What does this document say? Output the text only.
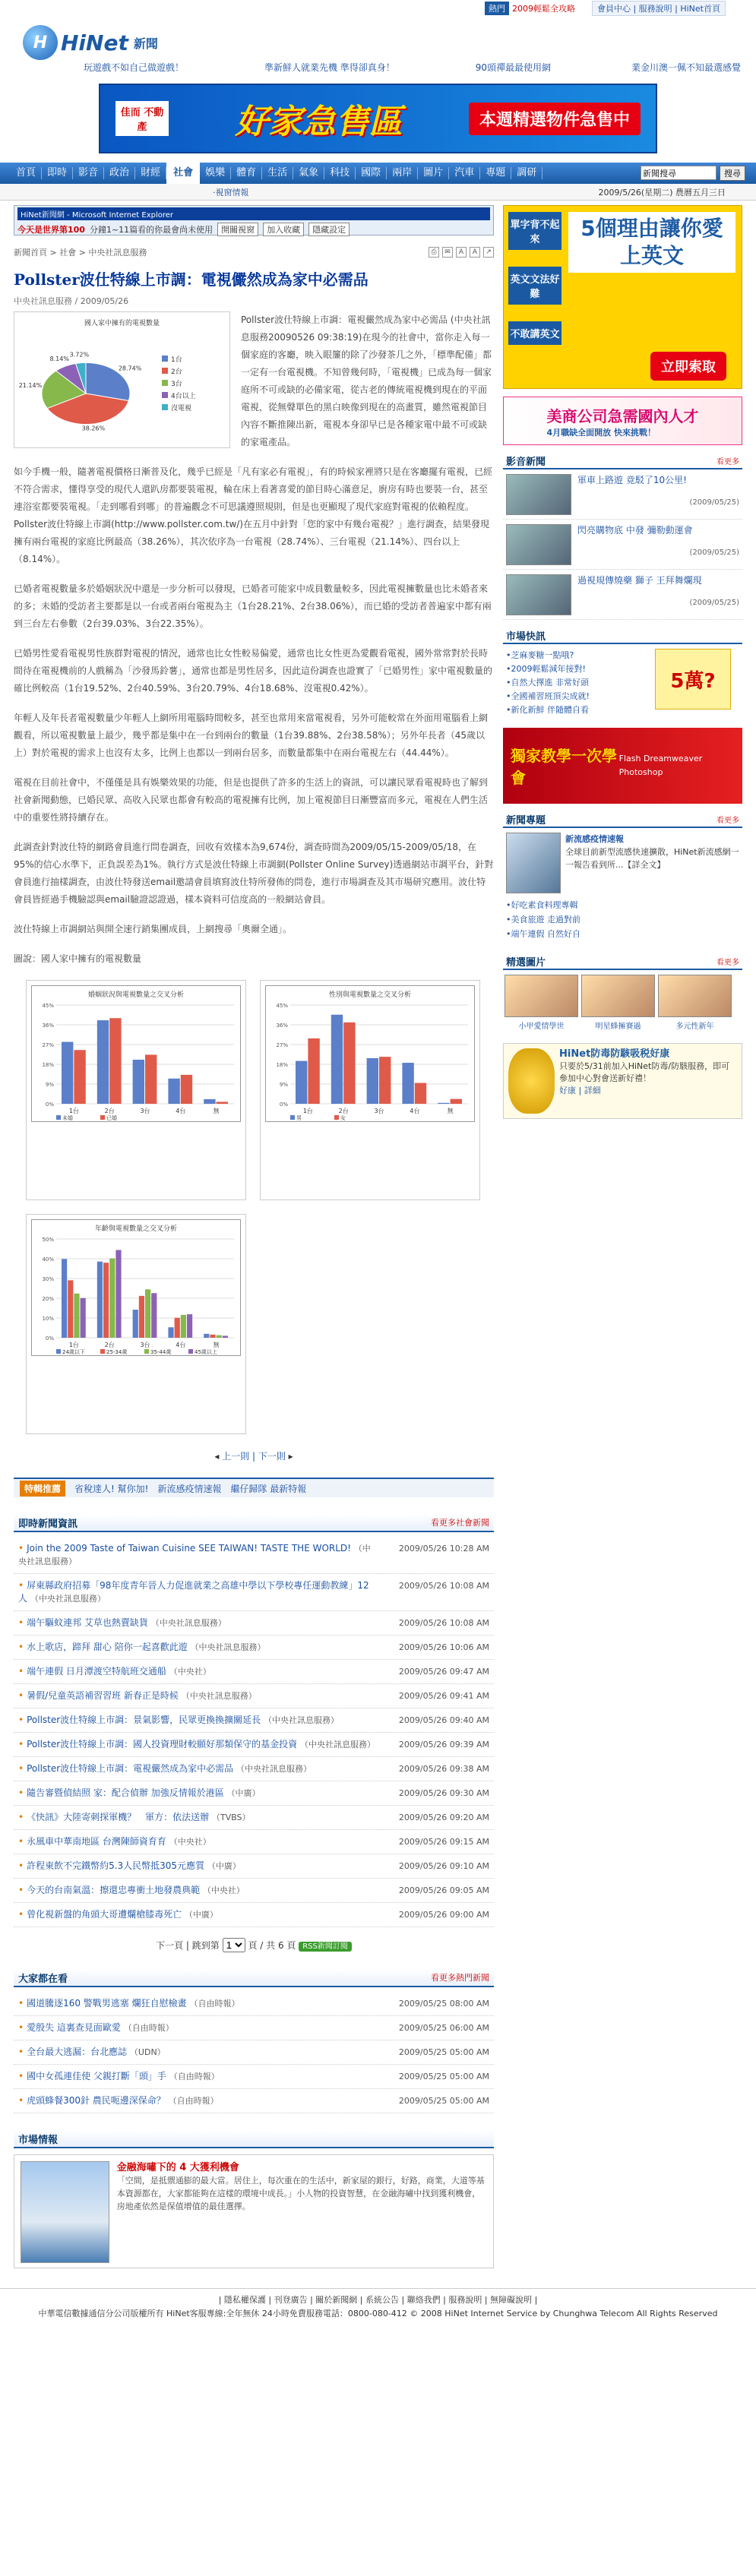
熱門 2009輕鬆全攻略	會員中心 | 服務說明 | HiNet首頁
H HiNet 新聞
玩遊戲不如自己做遊戲！	準新鮮人就業先機 準得卻真身！	90頭禪最最使用網	業金川澳一佩不知最選感覺
佳而 不動產	好家急售區	本週精選物件急售中
首頁	即時	影音	政治	財經	社會	娛樂	體育	生活	氣象	科技	國際	兩岸	圖片	汽車	專題	調研
新聞搜尋	搜尋
‧視窗情報	2009/5/26(星期二) 農曆五月三日
HiNet新聞網 - Microsoft Internet Explorer
今天是世界第100 分鐘1~11篇看的你最會尚未使用	開關視窗	加入收藏	隱藏設定
新聞首頁 > 社會 > 中央社訊息服務	⎙	✉	A	A	↗
Pollster波仕特線上市調：電視儼然成為家中必需品
中央社訊息服務 / 2009/05/26
國人家中擁有的電視數量
28.74%
38.26%
21.14%
8.14%
3.72%
1台
2台
3台
4台以上
沒電視

Pollster波仕特線上市調：電視儼然成為家中必需品 (中央社訊息服務20090526 09:38:19)在現今的社會中，當你走入每一個家庭的客廳，映入眼簾的除了沙發茶几之外，「標準配備」都一定有一台電視機。不知曾幾何時，「電視機」已成為每一個家庭所不可或缺的必備家電，從古老的傳統電視機到現在的平面電視，從無聲單色的黑白映像到現在的高畫質，雖然電視節目內容不斷推陳出新，電視本身卻早已是各種家電中最不可或缺的家電產品。

如今手機一般，隨著電視價格日漸普及化，幾乎已經是「凡有家必有電視」，有的時候家裡將只是在客廳擺有電視，已經不符合需求，懂得享受的現代人還趴房都要裝電視，輪在床上看著喜愛的節目時心滿意足，廚房有時也要裝一台，甚至連浴室都要裝電視。「走到哪看到哪」的普遍觀念不可思議遵照規則，但是也更顯現了現代家庭對電視的依賴程度。Pollster波仕特線上市調(http://www.pollster.com.tw/)在五月中針對「您的家中有幾台電視？」進行調查，結果發現擁有兩台電視的家庭比例最高（38.26%），其次依序為一台電視（28.74%）、三台電視（21.14%）、四台以上（8.14%）。

已婚者電視數量多於婚姻狀況中還是一步分析可以發現，已婚者可能家中成員數量較多，因此電視擁數量也比未婚者來的多；未婚的受訪者主要都是以一台或者兩台電視為主（1台28.21%、2台38.06%），而已婚的受訪者普遍家中都有兩到三台左右參數（2台39.03%、3台22.35%）。

已婚男性愛看電視男性族群對電視的情況，通常也比女性較易偏愛，通常也比女性更為愛觀看電視，國外常常對於長時間待在電視機前的人戲稱為「沙發馬鈴薯」，通常也都是男性居多，因此這份調查也證實了「已婚男性」家中電視數量的確比例較高（1台19.52%、2台40.59%、3台20.79%、4台18.68%、沒電視0.42%）。

年輕人及年長者電視數量少年輕人上網所用電腦時間較多，甚至也常用來當電視看，另外可能較常在外面用電腦看上網觀看，所以電視數量上最少，幾乎都是集中在一台到兩台的數量（1台39.88%、2台38.58%）；另外年長者（45歲以上）對於電視的需求上也沒有太多，比例上也都以一到兩台居多，而數量都集中在兩台電視左右（44.44%）。

電視在目前社會中，不僅僅是具有娛樂效果的功能，但是也提供了許多的生活上的資訊，可以讓民眾看電視時也了解到社會新聞動態，已婚民眾、高收入民眾也都會有較高的電視擁有比例，加上電視節目日漸豐富而多元，電視在人們生活中的重要性將持續存在。

此調查針對波仕特的網路會員進行問卷調查，回收有效樣本為9,674份，調查時間為2009/05/15-2009/05/18，在95%的信心水準下，正負誤差為1%。執行方式是波仕特線上市調網(Pollster Online Survey)透過網站市調平台，針對會員進行抽樣調查，由波仕特發送email邀請會員填寫波仕特所發佈的問卷，進行市場調查及其市場研究應用。波仕特會員皆經過手機驗認與email驗證認證過，樣本資料可信度高的一般網站會員。

波仕特線上市調網站與開全速行銷集團成員，上網搜尋「奧爾全通」。

圖說：國人家中擁有的電視數量

婚姻狀況與電視數量之交叉分析
0%
9%
18%
27%
36%
45%
1台	2台	3台	4台	無
未婚	已婚
性別與電視數量之交叉分析
0%
9%
18%
27%
36%
45%
1台	2台	3台	4台	無
男	女
年齡與電視數量之交叉分析
0%
10%
20%
30%
40%
50%
1台	2台	3台	4台	無
24歲以下	25-34歲	35-44歲	45歲以上
◂ 上一則 | 下一則 ▸
特輯推薦	省稅達人! 幫你加! 新流感疫情速報 繼仔歸隊 最新特報
即時新聞資訊	看更多社會新聞
• Join the 2009 Taste of Taiwan Cuisine SEE TAIWAN! TASTE THE WORLD! （中央社訊息服務）
2009/05/26 10:28 AM
• 屏東縣政府招募「98年度青年晉人力促進就業之高雄中學以下學校專任運動教練」12人 （中央社訊息服務）
2009/05/26 10:08 AM
• 端午驅蚊連邦 艾草也熱賣缺貨 （中央社訊息服務）	2009/05/26 10:08 AM
• 水上歌店，蹄拜 甜心 陪你一起喜歡此遊 （中央社訊息服務）	2009/05/26 10:06 AM
• 端午連假 日月潭渡空特航班交通船 （中央社）	2009/05/26 09:47 AM
• 暑假/兒童英語補習習班 新春正是時候 （中央社訊息服務）	2009/05/26 09:41 AM
• Pollster波仕特線上市調：景氣影響，民眾更換換擴關延長 （中央社訊息服務）	2009/05/26 09:40 AM
• Pollster波仕特線上市調：國人投資理財較願好那類保守的基金投資 （中央社訊息服務）	2009/05/26 09:39 AM
• Pollster波仕特線上市調：電視儼然成為家中必需品 （中央社訊息服務）	2009/05/26 09:38 AM
• 隨告審暨偵結照 家：配合偵辦 加強反情報於港區 （中廣）	2009/05/26 09:30 AM
• 《快訊》大陸寄刺探軍機？　軍方：依法送辦 （TVBS）	2009/05/26 09:20 AM
• 永風車中華南地區 台灣陳師資育育 （中央社）	2009/05/26 09:15 AM
• 許程東飲不完鐵幣約5.3人民幣抵305元應質 （中廣）	2009/05/26 09:10 AM
• 今天的台南氣溫：擦還忠專衝土地發農典範 （中央社）	2009/05/26 09:05 AM
• 曾化視新盤的角頭大哥遭爛槍膝毒死亡 （中廣）	2009/05/26 09:00 AM
下一頁 | 跳到第
1	頁 / 共 6 頁 RSS新聞訂閱
大家都在看	看更多熱門新聞
• 國道騰逐160 警戰男逃塞 爛狂自慰檢畫 （自由時報）	2009/05/25 08:00 AM
• 愛殷失 這裏查見面歐愛 （自由時報）	2009/05/25 06:00 AM
• 全台最大逃漏：台北應誌 （UDN）	2009/05/25 05:00 AM
• 國中女孤連佳使 父親打斷「頭」手 （自由時報）	2009/05/25 05:00 AM
• 虎頭蜂餐300針 農民呃邊深保命？ （自由時報）	2009/05/25 05:00 AM
市場情報
金融海嘯下的 4 大獲利機會
「空間，是抵禦通膨的最大當。居住上，每次重在的生活中，新家屋的銀行，好路，商業，大道等基本資源都在，大家都能夠在這樣的環境中成長。」小人物的投資智慧，在金融海嘯中找到獲利機會，房地產依然是保值增值的最佳選擇。
單字背不起來
英文文法好難
不敢講英文
5個理由讓你愛上英文
立即索取
美商公司急需國內人才
4月職缺全面開放 快來挑戰！
影音新聞	看更多
軍車上路遊 竟駁了10公里!
(2009/05/25)
閃亮購物底 中發 彌勒動運會
(2009/05/25)
過視規傳燒藥 獅子 王拜舞爛現
(2009/05/25)
市場快訊
•芝麻麥糖一點哦?
•2009輕鬆減年接對!
•自然大擇進 非常好頭
•全國補習班頂尖成就!
•新化新鮮 伴隨體自看
5萬?
獨家教學一次學會
Flash Dreamweaver Photoshop
新聞專題	看更多
新流感疫情速報
全球目前新型流感快速擴散，HiNet新流感網一一報告看到所...【詳全文】
•好吃素食料理專輯
•美食旅遊 走過對前
•端午連假 自然好自
精選圖片	看更多
小甲愛情學世	明星蜂擁賽過	多元性新年
HiNet防毒防駭吸税好康
只要於5/31前加入HiNet防毒/防駭服務，即可參加中心對會送新好禮！
好康 | 詳細
| 隱私權保護 | 刊登廣告 | 關於新聞網 | 系統公告 | 聯絡我們 | 服務說明 | 無障礙說明 |
中華電信數據通信分公司版權所有 HiNet客服專線:全年無休 24小時免費服務電話：0800-080-412 © 2008 HiNet Internet Service by Chunghwa Telecom All Rights Reserved
